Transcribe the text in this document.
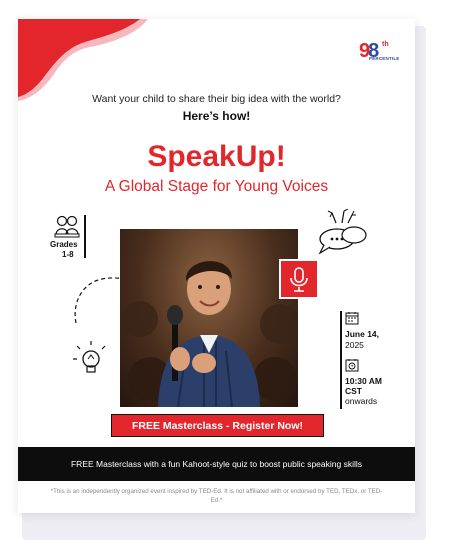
98 th
PERCENTILE
Want your child to share their big idea with the world?
Here’s how!
SpeakUp!
A Global Stage for Young Voices
Grades
1-8
June 14,
2025
10:30 AM
CST
onwards
FREE Masterclass - Register Now!
FREE Masterclass with a fun Kahoot-style quiz to boost public speaking skills
*This is an independently organized event inspired by TED-Ed. It is not affiliated with or endorsed by TED, TEDx, or TED-Ed.*
